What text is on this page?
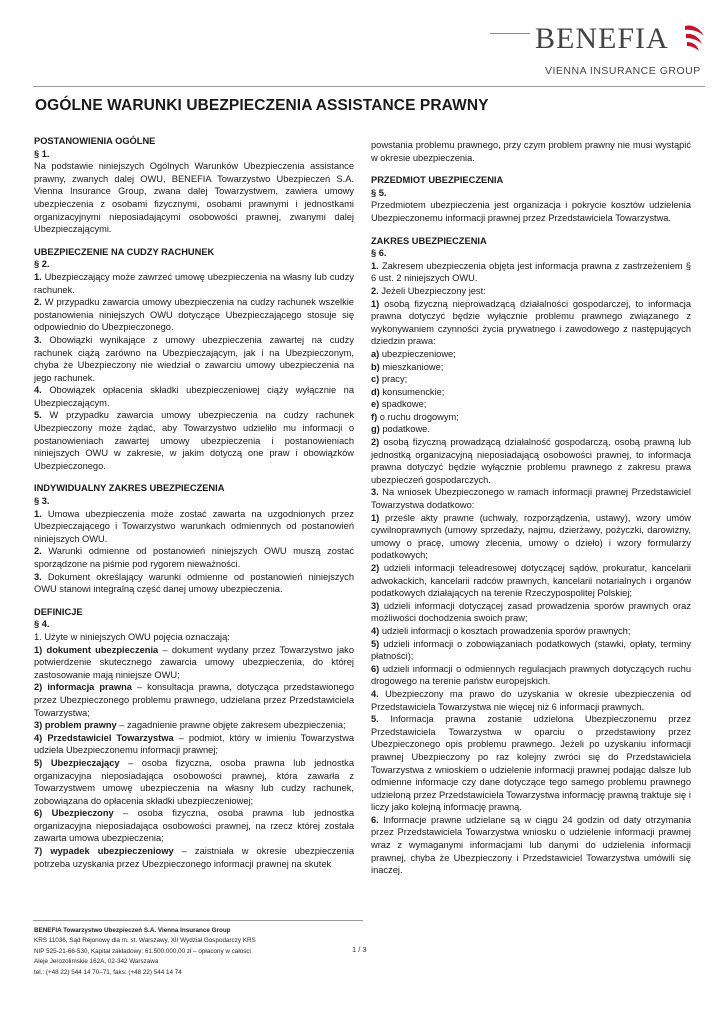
BENEFIA
VIENNA INSURANCE GROUP
OGÓLNE WARUNKI UBEZPIECZENIA ASSISTANCE PRAWNY

POSTANOWIENIA OGÓLNE

§ 1.

Na podstawie niniejszych Ogólnych Warunków Ubezpieczenia assistance prawny, zwanych dalej OWU, BENEFIA Towarzystwo Ubezpieczeń S.A. Vienna Insurance Group, zwana dalej Towarzystwem, zawiera umowy ubezpieczenia z osobami fizycznymi, osobami prawnymi i jednostkami organizacyjnymi nieposiadającymi osobowości prawnej, zwanymi dalej Ubezpieczającymi.

UBEZPIECZENIE NA CUDZY RACHUNEK

§ 2.

1. Ubezpieczający może zawrzeć umowę ubezpieczenia na własny lub cudzy rachunek.

2. W przypadku zawarcia umowy ubezpieczenia na cudzy rachunek wszelkie postanowienia niniejszych OWU dotyczące Ubezpieczającego stosuje się odpowiednio do Ubezpieczonego.

3. Obowiązki wynikające z umowy ubezpieczenia zawartej na cudzy rachunek ciążą zarówno na Ubezpieczającym, jak i na Ubezpieczonym, chyba że Ubezpieczony nie wiedział o zawarciu umowy ubezpieczenia na jego rachunek.

4. Obowiązek opłacenia składki ubezpieczeniowej ciąży wyłącznie na Ubezpieczającym.

5. W przypadku zawarcia umowy ubezpieczenia na cudzy rachunek Ubezpieczony może żądać, aby Towarzystwo udzieliło mu informacji o postanowieniach zawartej umowy ubezpieczenia i postanowieniach niniejszych OWU w zakresie, w jakim dotyczą one praw i obowiązków Ubezpieczonego.

INDYWIDUALNY ZAKRES UBEZPIECZENIA

§ 3.

1. Umowa ubezpieczenia może zostać zawarta na uzgodnionych przez Ubezpieczającego i Towarzystwo warunkach odmiennych od postanowień niniejszych OWU.

2. Warunki odmienne od postanowień niniejszych OWU muszą zostać sporządzone na piśmie pod rygorem nieważności.

3. Dokument określający warunki odmienne od postanowień niniejszych OWU stanowi integralną część danej umowy ubezpieczenia.

DEFINICJE

§ 4.

1. Użyte w niniejszych OWU pojęcia oznaczają:

1) dokument ubezpieczenia – dokument wydany przez Towarzystwo jako potwierdzenie skutecznego zawarcia umowy ubezpieczenia, do której zastosowanie mają niniejsze OWU;

2) informacja prawna – konsultacja prawna, dotycząca przedstawionego przez Ubezpieczonego problemu prawnego, udzielana przez Przedstawiciela Towarzystwa;

3) problem prawny – zagadnienie prawne objęte zakresem ubezpieczenia;

4) Przedstawiciel Towarzystwa – podmiot, który w imieniu Towarzystwa udziela Ubezpieczonemu informacji prawnej;

5) Ubezpieczający – osoba fizyczna, osoba prawna lub jednostka organizacyjna nieposiadająca osobowości prawnej, która zawarła z Towarzystwem umowę ubezpieczenia na własny lub cudzy rachunek, zobowiązana do opłacenia składki ubezpieczeniowej;

6) Ubezpieczony – osoba fizyczna, osoba prawna lub jednostka organizacyjna nieposiadająca osobowości prawnej, na rzecz której została zawarta umowa ubezpieczenia;

7) wypadek ubezpieczeniowy – zaistniała w okresie ubezpieczenia potrzeba uzyskania przez Ubezpieczonego informacji prawnej na skutek

powstania problemu prawnego, przy czym problem prawny nie musi wystąpić w okresie ubezpieczenia.

PRZEDMIOT UBEZPIECZENIA

§ 5.

Przedmiotem ubezpieczenia jest organizacja i pokrycie kosztów udzielenia Ubezpieczonemu informacji prawnej przez Przedstawiciela Towarzystwa.

ZAKRES UBEZPIECZENIA

§ 6.

1. Zakresem ubezpieczenia objęta jest informacja prawna z zastrzeżeniem § 6 ust. 2 niniejszych OWU.

2. Jeżeli Ubezpieczony jest:

1) osobą fizyczną nieprowadzącą działalności gospodarczej, to informacja prawna dotyczyć będzie wyłącznie problemu prawnego związanego z wykonywaniem czynności życia prywatnego i zawodowego z następujących dziedzin prawa:

a) ubezpieczeniowe;

b) mieszkaniowe;

c) pracy;

d) konsumenckie;

e) spadkowe;

f) o ruchu drogowym;

g) podatkowe.

2) osobą fizyczną prowadzącą działalność gospodarczą, osobą prawną lub jednostką organizacyjną nieposiadającą osobowości prawnej, to informacja prawna dotyczyć będzie wyłącznie problemu prawnego z zakresu prawa ubezpieczeń gospodarczych.

3. Na wniosek Ubezpieczonego w ramach informacji prawnej Przedstawiciel Towarzystwa dodatkowo:

1) prześle akty prawne (uchwały, rozporządzenia, ustawy), wzory umów cywilnoprawnych (umowy sprzedaży, najmu, dzierżawy, pożyczki, darowizny, umowy o pracę, umowy zlecenia, umowy o dzieło) i wzory formularzy podatkowych;

2) udzieli informacji teleadresowej dotyczącej sądów, prokuratur, kancelarii adwokackich, kancelarii radców prawnych, kancelarii notarialnych i organów podatkowych działających na terenie Rzeczypospolitej Polskiej;

3) udzieli informacji dotyczącej zasad prowadzenia sporów prawnych oraz możliwości dochodzenia swoich praw;

4) udzieli informacji o kosztach prowadzenia sporów prawnych;

5) udzieli informacji o zobowiązaniach podatkowych (stawki, opłaty, terminy płatności);

6) udzieli informacji o odmiennych regulacjach prawnych dotyczących ruchu drogowego na terenie państw europejskich.

4. Ubezpieczony ma prawo do uzyskania w okresie ubezpieczenia od Przedstawiciela Towarzystwa nie więcej niż 6 informacji prawnych.

5. Informacja prawna zostanie udzielona Ubezpieczonemu przez Przedstawiciela Towarzystwa w oparciu o przedstawiony przez Ubezpieczonego opis problemu prawnego. Jeżeli po uzyskaniu informacji prawnej Ubezpieczony po raz kolejny zwróci się do Przedstawiciela Towarzystwa z wnioskiem o udzielenie informacji prawnej podając dalsze lub odmienne informacje czy dane dotyczące tego samego problemu prawnego udzieloną przez Przedstawiciela Towarzystwa informację prawną traktuje się i liczy jako kolejną informację prawną.

6. Informacje prawne udzielane są w ciągu 24 godzin od daty otrzymania przez Przedstawiciela Towarzystwa wniosku o udzielenie informacji prawnej wraz z wymaganymi informacjami lub danymi do udzielenia informacji prawnej, chyba że Ubezpieczony i Przedstawiciel Towarzystwa umówili się inaczej.

BENEFIA Towarzystwo Ubezpieczeń S.A. Vienna Insurance Group
KRS 11036, Sąd Rejonowy dla m. st. Warszawy, XII Wydział Gospodarczy KRS
NIP 525-21-66-530, Kapitał zakładowy: 61.500.000,00 zł – opłacony w całości
Aleje Jerozolimskie 162A, 02-342 Warszawa
tel.: (+48 22) 544 14 70–71, faks: (+48 22) 544 14 74
1 / 3
